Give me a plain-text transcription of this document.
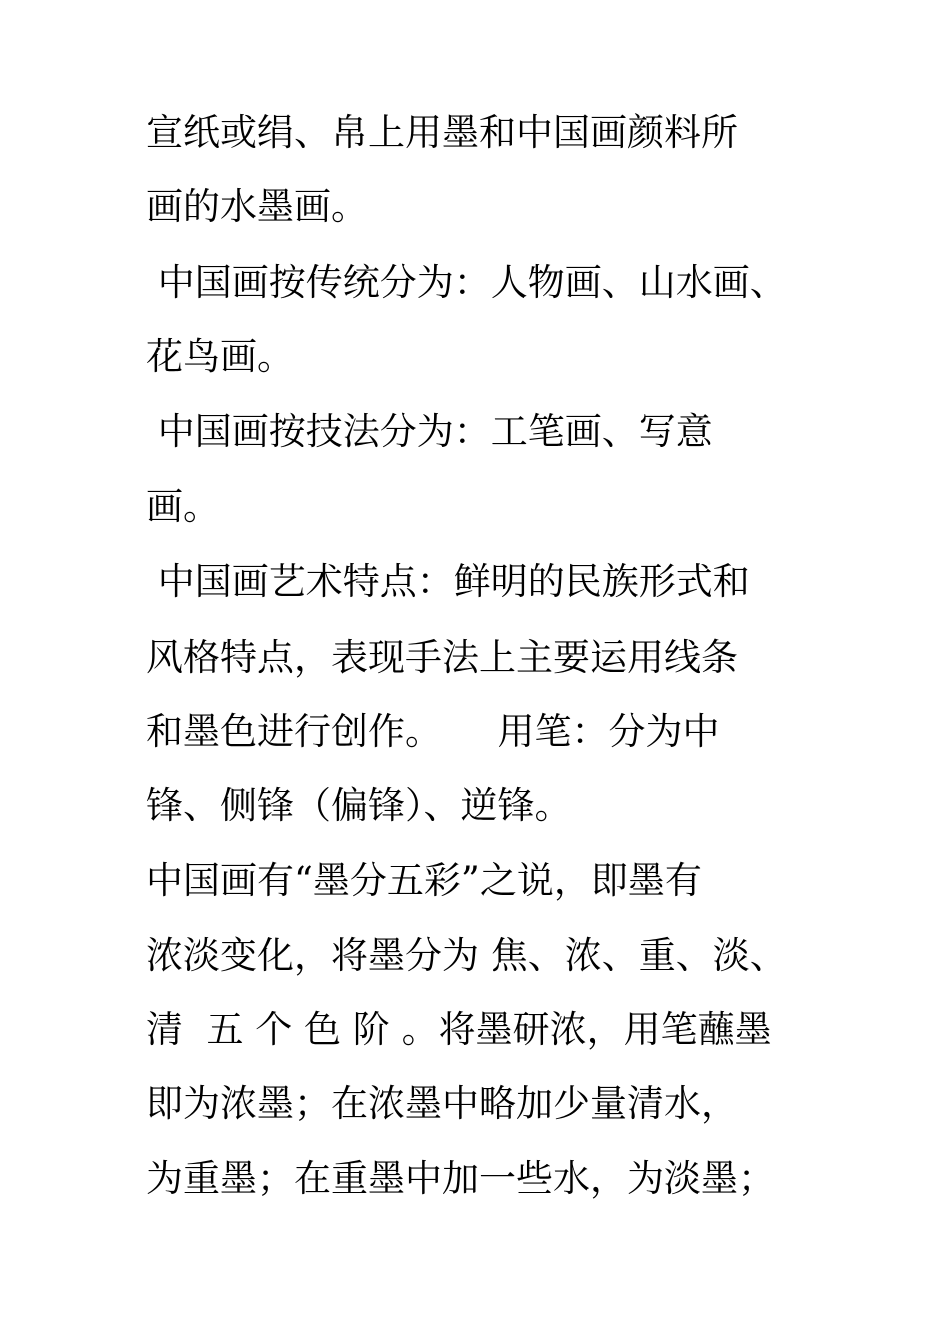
宣纸或绢、帛上用墨和中国画颜料所
画的水墨画。
中国画按传统分为：人物画、山水画、
花鸟画。
中国画按技法分为：工笔画、写意
画。
中国画艺术特点：鲜明的民族形式和
风格特点，表现手法上主要运用线条
和墨色进行创作。　　用笔：分为中
锋、侧锋（偏锋）、逆锋。
中国画有“墨分五彩”之说，即墨有
浓淡变化，将墨分为 焦、浓、重、淡、
清  五 个 色 阶 。将墨研浓，用笔蘸墨
即为浓墨；在浓墨中略加少量清水，
为重墨；在重墨中加一些水，为淡墨；
